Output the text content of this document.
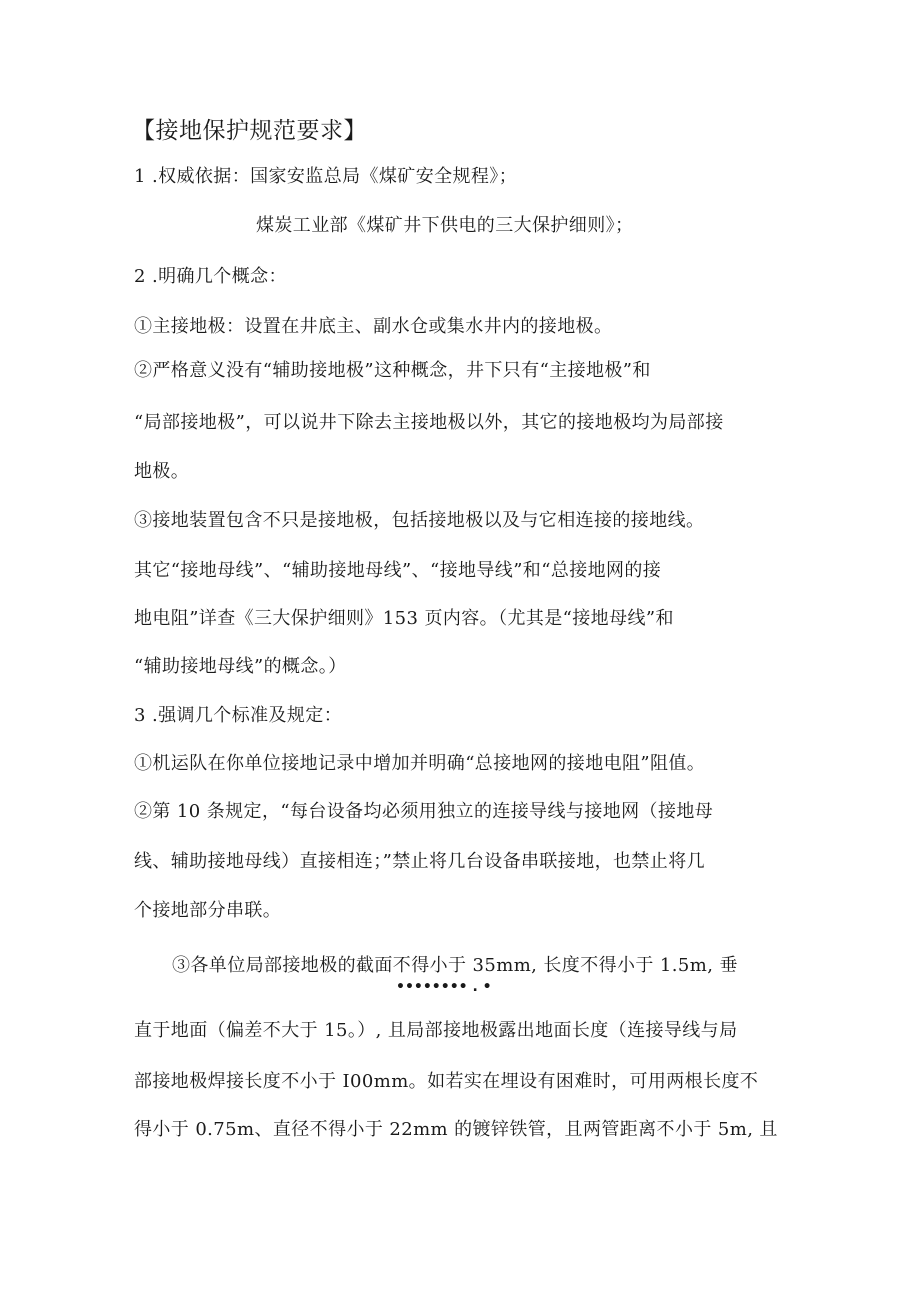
【接地保护规范要求】
1 .权威依据：国家安监总局《煤矿安全规程》；
煤炭工业部《煤矿井下供电的三大保护细则》；
2 .明确几个概念：
①主接地极：设置在井底主、副水仓或集水井内的接地极。
②严格意义没有“辅助接地极”这种概念，井下只有“主接地极”和
“局部接地极”，可以说井下除去主接地极以外，其它的接地极均为局部接
地极。
③接地装置包含不只是接地极，包括接地极以及与它相连接的接地线。
其它“接地母线”、“辅助接地母线”、“接地导线”和“总接地网的接
地电阻”详查《三大保护细则》153 页内容。（尤其是“接地母线”和
“辅助接地母线”的概念。）
3 .强调几个标准及规定：
①机运队在你单位接地记录中增加并明确“总接地网的接地电阻”阻值。
②第 10 条规定，“每台设备均必须用独立的连接导线与接地网（接地母
线、辅助接地母线）直接相连；”禁止将几台设备串联接地，也禁止将几
个接地部分串联。
③各单位局部接地极的截面不得小于 35mm, 长度不得小于 1.5m, 垂
•••••••• . •
直于地面（偏差不大于 15。）, 且局部接地极露出地面长度（连接导线与局
部接地极焊接长度不小于 I00mm。如若实在埋设有困难时，可用两根长度不
得小于 0.75m、直径不得小于 22mm 的镀锌铁管，且两管距离不小于 5m, 且
